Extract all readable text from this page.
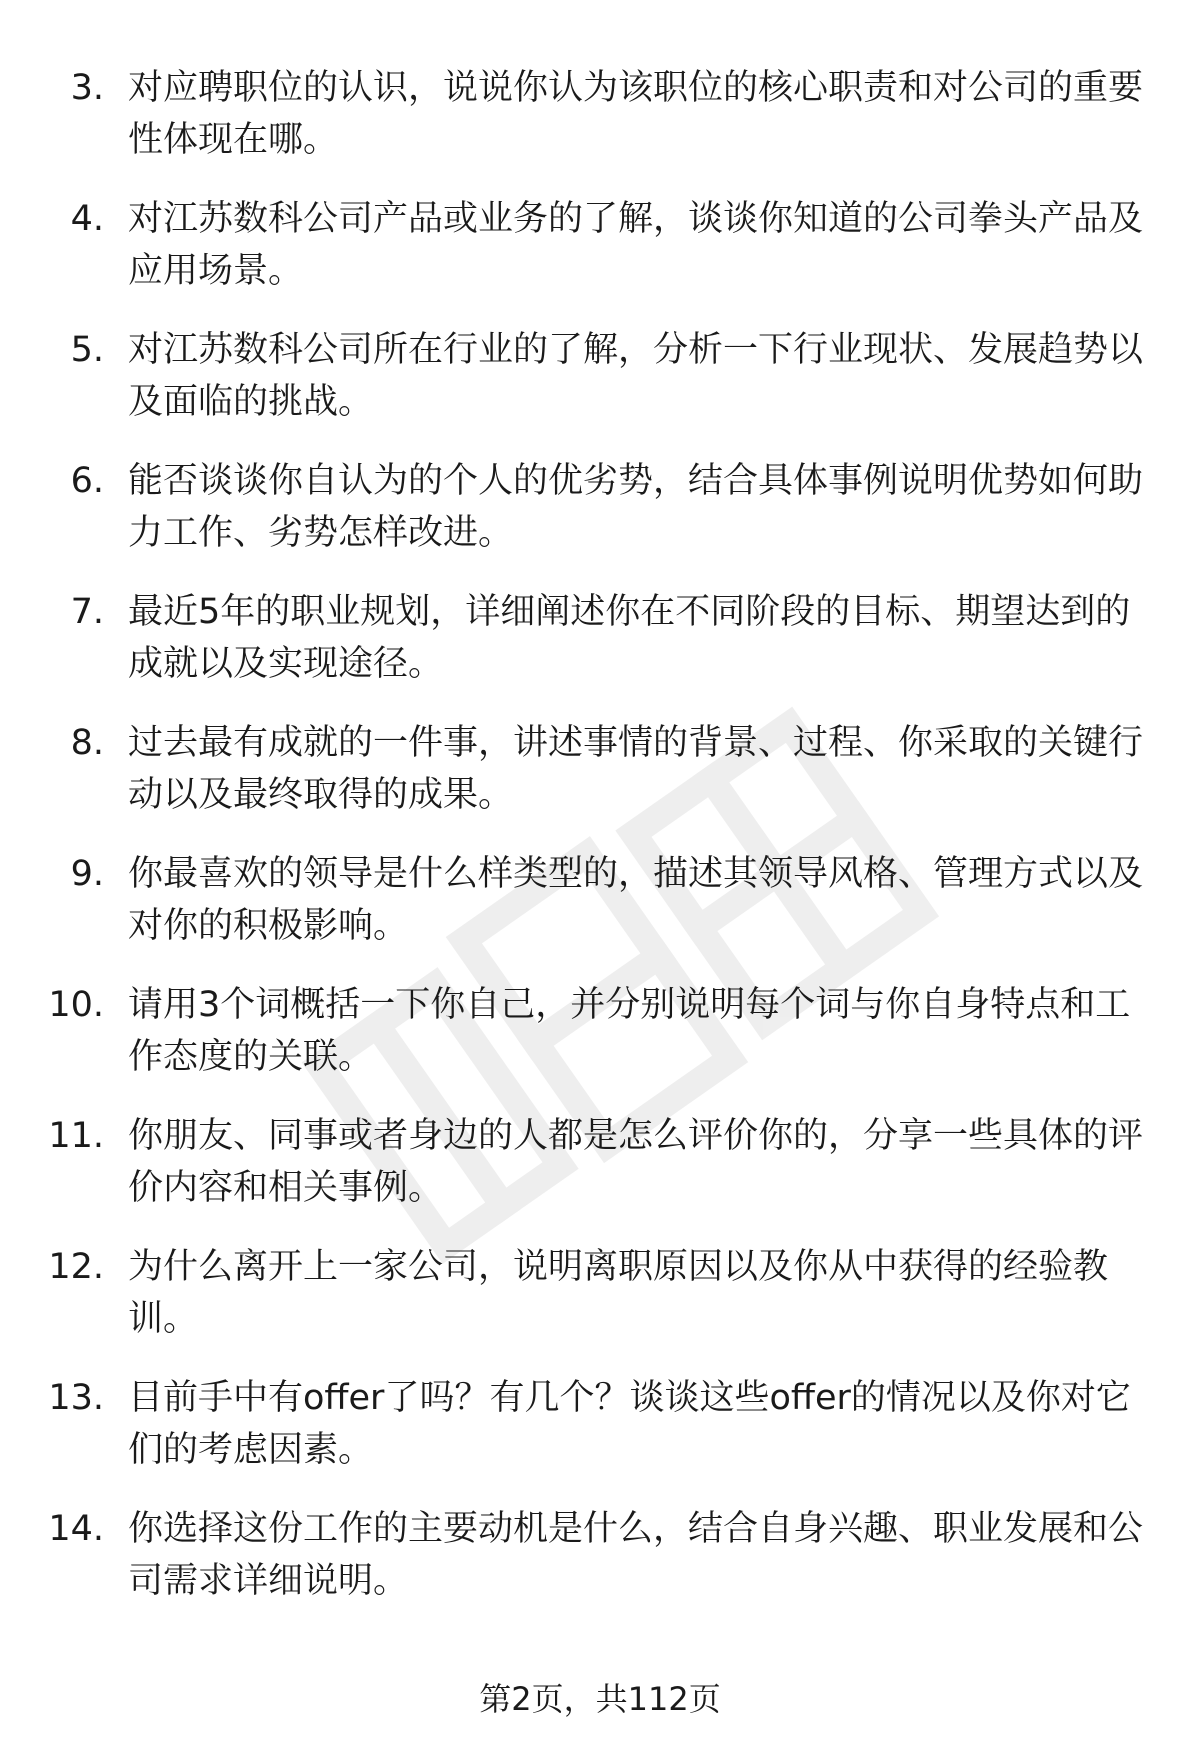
3. 对应聘职位的认识，说说你认为该职位的核心职责和对公司的重要性体现在哪。
4. 对江苏数科公司产品或业务的了解，谈谈你知道的公司拳头产品及应用场景。
5. 对江苏数科公司所在行业的了解，分析一下行业现状、发展趋势以及面临的挑战。
6. 能否谈谈你自认为的个人的优劣势，结合具体事例说明优势如何助力工作、劣势怎样改进。
7. 最近5年的职业规划，详细阐述你在不同阶段的目标、期望达到的成就以及实现途径。
8. 过去最有成就的一件事，讲述事情的背景、过程、你采取的关键行动以及最终取得的成果。
9. 你最喜欢的领导是什么样类型的，描述其领导风格、管理方式以及对你的积极影响。
10. 请用3个词概括一下你自己，并分别说明每个词与你自身特点和工作态度的关联。
11. 你朋友、同事或者身边的人都是怎么评价你的，分享一些具体的评价内容和相关事例。
12. 为什么离开上一家公司，说明离职原因以及你从中获得的经验教训。
13. 目前手中有offer了吗？有几个？谈谈这些offer的情况以及你对它们的考虑因素。
14. 你选择这份工作的主要动机是什么，结合自身兴趣、职业发展和公司需求详细说明。
第2页，共112页
